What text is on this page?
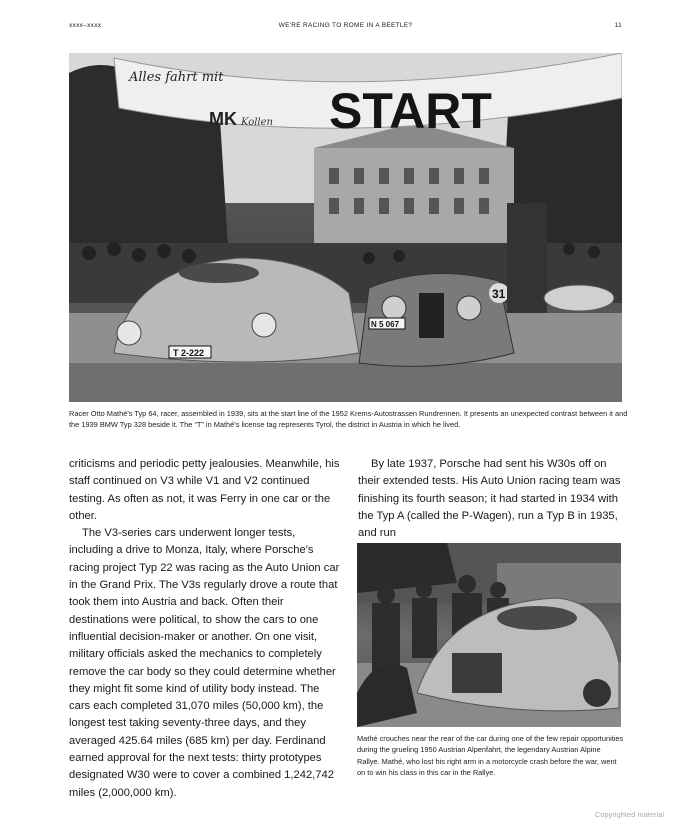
xxxx–xxxx	WE'RE RACING TO ROME IN A BEETLE?	11
Alles fahrt mit
START
MK Kollen
T 2-222
N 5 067
31
Racer Otto Mathé's Typ 64, racer, assembled in 1939, sits at the start line of the 1952 Krems-Autostrassen Rundrennen. It presents an unexpected contrast between it and the 1939 BMW Typ 328 beside it. The “T” in Mathé's license tag represents Tyrol, the district in Austria in which he lived.

criticisms and periodic petty jealousies. Meanwhile, his staff continued on V3 while V1 and V2 continued testing. As often as not, it was Ferry in one car or the other.

The V3-series cars underwent longer tests, including a drive to Monza, Italy, where Porsche's racing project Typ 22 was racing as the Auto Union car in the Grand Prix. The V3s regularly drove a route that took them into Austria and back. Often their destinations were political, to show the cars to one influential decision-maker or another. On one visit, military officials asked the mechanics to completely remove the car body so they could determine whether they might fit some kind of utility body instead. The cars each completed 31,070 miles (50,000 km), the longest test taking seventy-three days, and they averaged 425.64 miles (685 km) per day. Ferdinand earned approval for the next tests: thirty prototypes designated W30 were to cover a combined 1,242,742 miles (2,000,000 km).

By late 1937, Porsche had sent his W30s off on their extended tests. His Auto Union racing team was finishing its fourth season; it had started in 1934 with the Typ A (called the P-Wagen), run a Typ B in 1935, and run

Mathé crouches near the rear of the car during one of the few repair opportunities during the grueling 1950 Austrian Alpenfahrt, the legendary Austrian Alpine Rallye. Mathé, who lost his right arm in a motorcycle crash before the war, went on to win his class in this car in the Rallye.
Copyrighted material
